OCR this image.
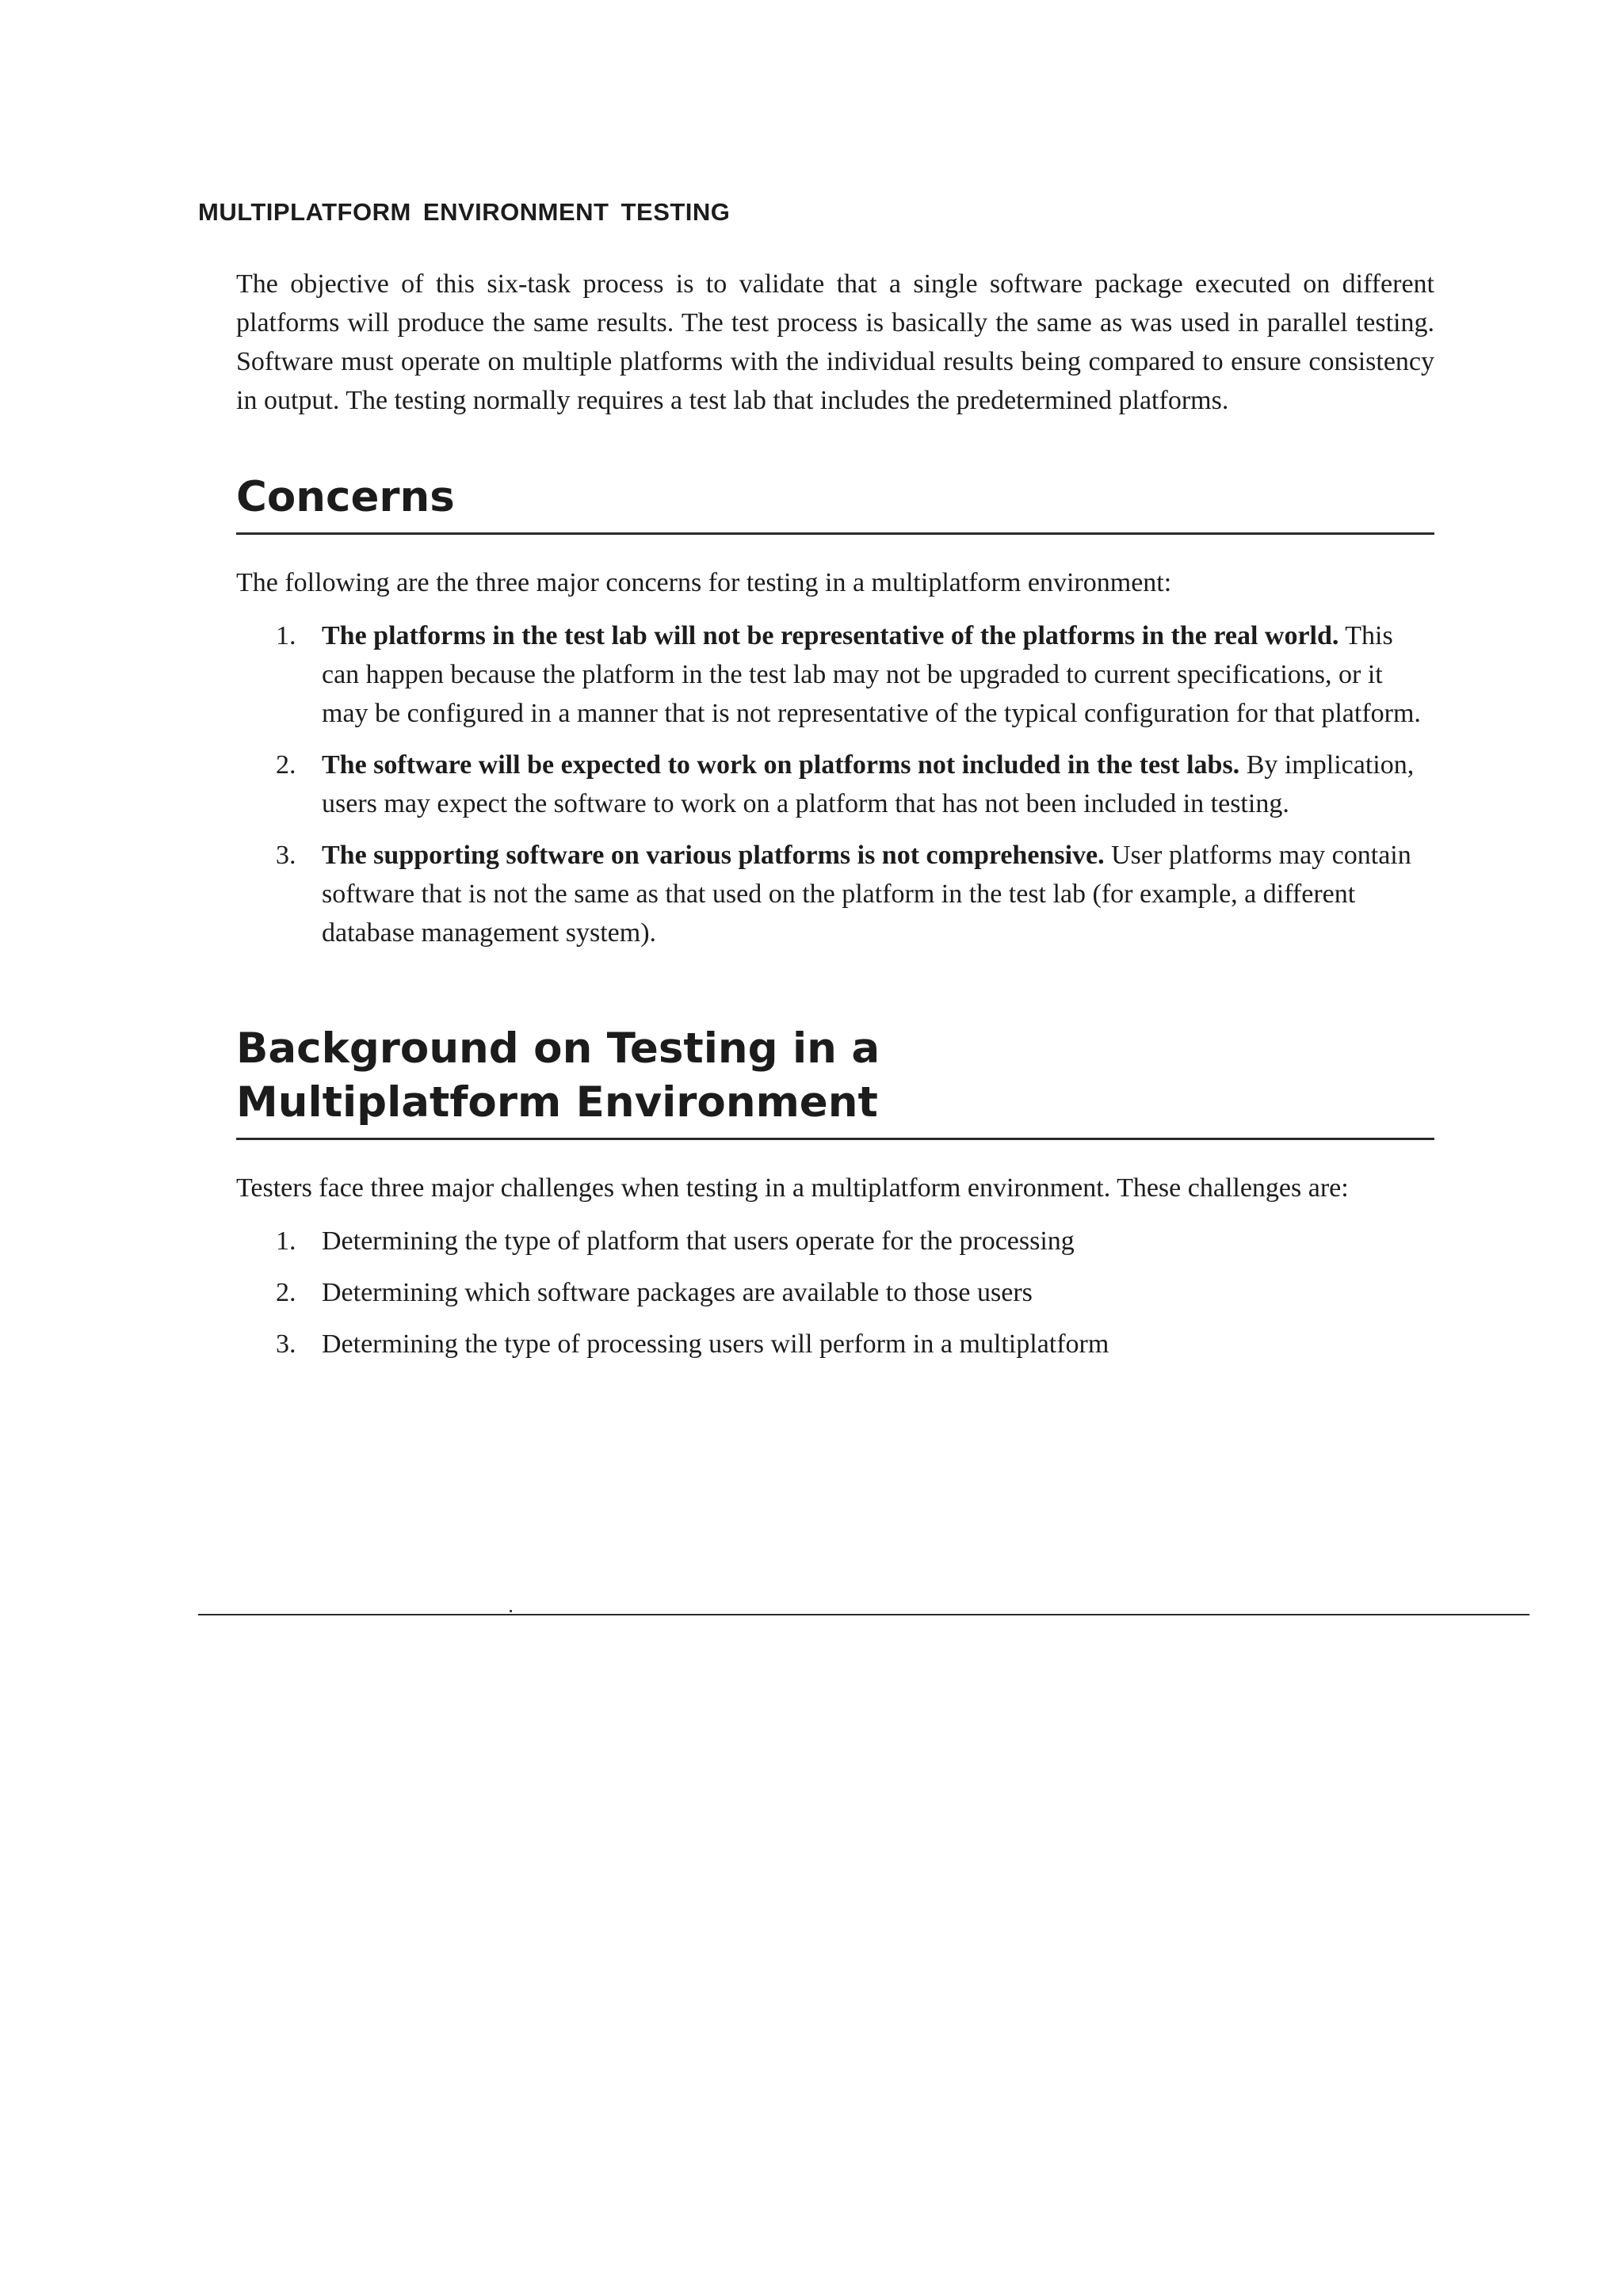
MULTIPLATFORM ENVIRONMENT TESTING

The objective of this six-task process is to validate that a single software package executed on different platforms will produce the same results. The test process is basically the same as was used in parallel testing. Software must operate on multiple platforms with the individual results being compared to ensure consistency in output. The testing normally requires a test lab that includes the predetermined platforms.

Concerns

The following are the three major concerns for testing in a multiplatform environment:

1. The platforms in the test lab will not be representative of the platforms in the real world. This can happen because the platform in the test lab may not be upgraded to current specifications, or it may be configured in a manner that is not representative of the typical configuration for that platform.
2. The software will be expected to work on platforms not included in the test labs. By implication, users may expect the software to work on a platform that has not been included in testing.
3. The supporting software on various platforms is not comprehensive. User platforms may contain software that is not the same as that used on the platform in the test lab (for example, a different database management system).
Background on Testing in a
Multiplatform Environment

Testers face three major challenges when testing in a multiplatform environment. These challenges are:

1. Determining the type of platform that users operate for the processing
2. Determining which software packages are available to those users
3. Determining the type of processing users will perform in a multiplatform
